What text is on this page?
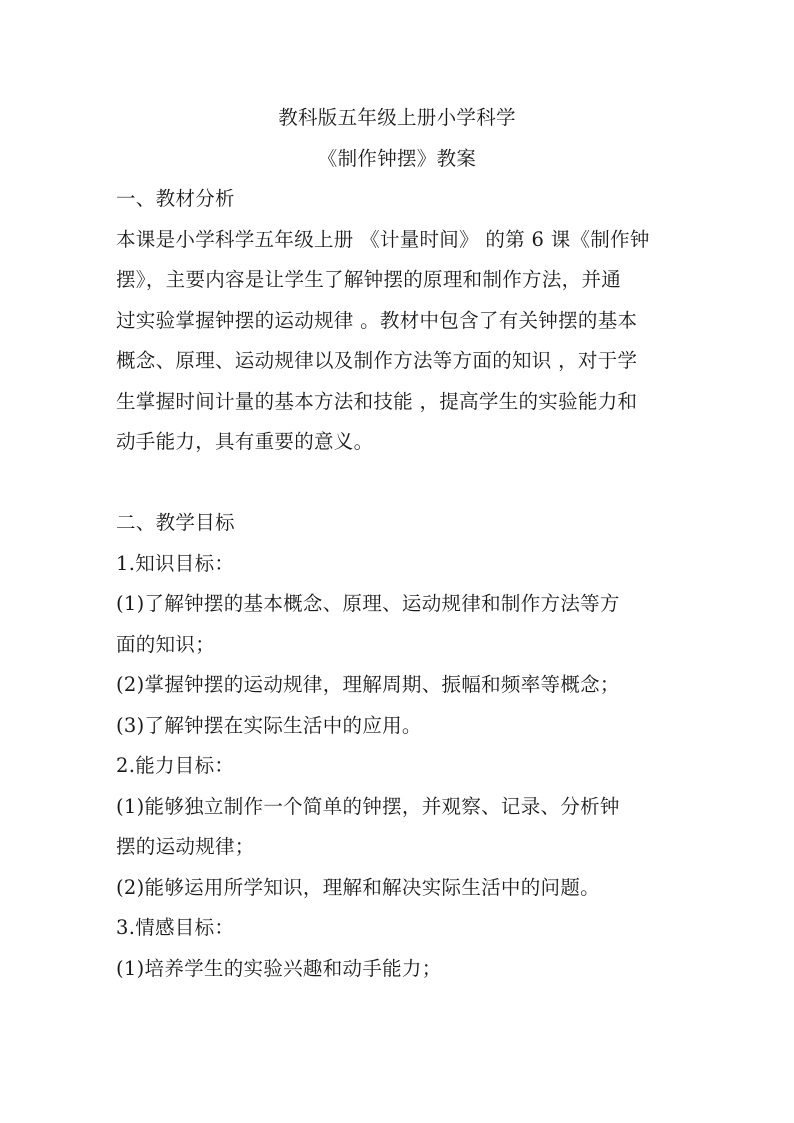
教科版五年级上册小学科学
《制作钟摆》教案
一、教材分析
本课是小学科学五年级上册 《计量时间》 的第 6 课《制作钟
摆》，主要内容是让学生了解钟摆的原理和制作方法，并通
过实验掌握钟摆的运动规律 。教材中包含了有关钟摆的基本
概念、原理、运动规律以及制作方法等方面的知识 ，对于学
生掌握时间计量的基本方法和技能 ，提高学生的实验能力和
动手能力，具有重要的意义。
二、教学目标
1.知识目标：
(1)了解钟摆的基本概念、原理、运动规律和制作方法等方
面的知识；
(2)掌握钟摆的运动规律，理解周期、振幅和频率等概念；
(3)了解钟摆在实际生活中的应用。
2.能力目标：
(1)能够独立制作一个简单的钟摆，并观察、记录、分析钟
摆的运动规律；
(2)能够运用所学知识，理解和解决实际生活中的问题。
3.情感目标：
(1)培养学生的实验兴趣和动手能力；
